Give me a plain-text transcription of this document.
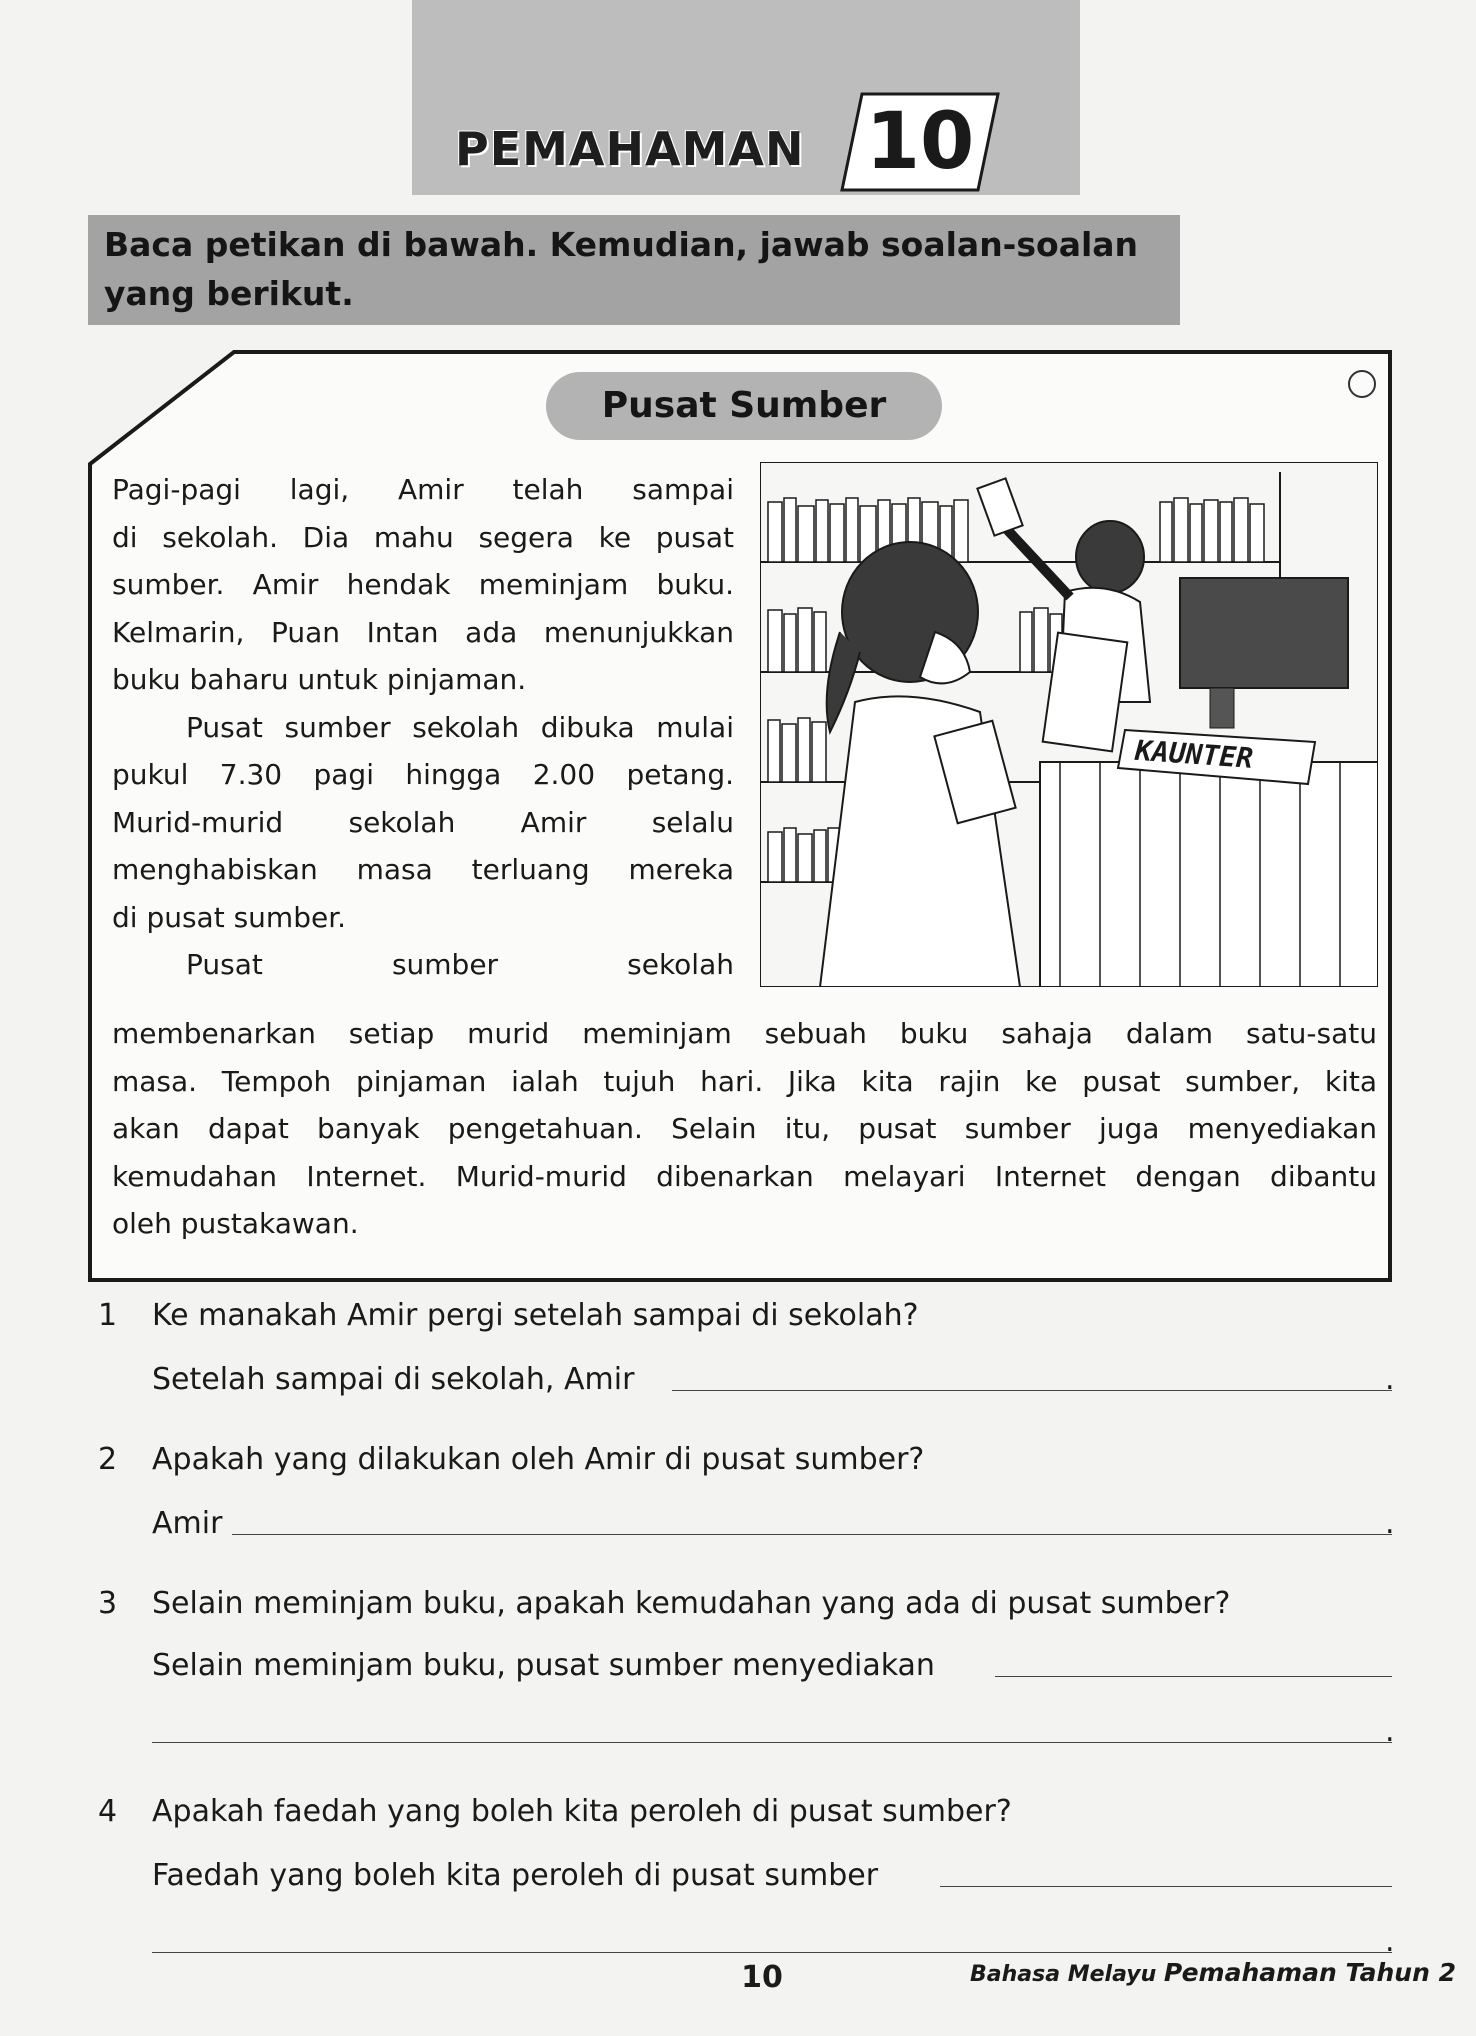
PEMAHAMAN 10
Baca petikan di bawah. Kemudian, jawab soalan-soalan
yang berikut.
Pusat Sumber
Pagi-pagi lagi, Amir telah sampai
di sekolah. Dia mahu segera ke pusat
sumber. Amir hendak meminjam buku.
Kelmarin, Puan Intan ada menunjukkan
buku baharu untuk pinjaman.
Pusat sumber sekolah dibuka mulai
pukul 7.30 pagi hingga 2.00 petang.
Murid-murid sekolah Amir selalu
menghabiskan masa terluang mereka
di pusat sumber.
Pusat sumber sekolah
membenarkan setiap murid meminjam sebuah buku sahaja dalam satu-satu
masa. Tempoh pinjaman ialah tujuh hari. Jika kita rajin ke pusat sumber, kita
akan dapat banyak pengetahuan. Selain itu, pusat sumber juga menyediakan
kemudahan Internet. Murid-murid dibenarkan melayari Internet dengan dibantu
oleh pustakawan.
KAUNTER
1 Ke manakah Amir pergi setelah sampai di sekolah?
Setelah sampai di sekolah, Amir	.
2 Apakah yang dilakukan oleh Amir di pusat sumber?
Amir	.
3 Selain meminjam buku, apakah kemudahan yang ada di pusat sumber?
Selain meminjam buku, pusat sumber menyediakan
.
4 Apakah faedah yang boleh kita peroleh di pusat sumber?
Faedah yang boleh kita peroleh di pusat sumber
.
10	Bahasa Melayu Pemahaman Tahun 2
